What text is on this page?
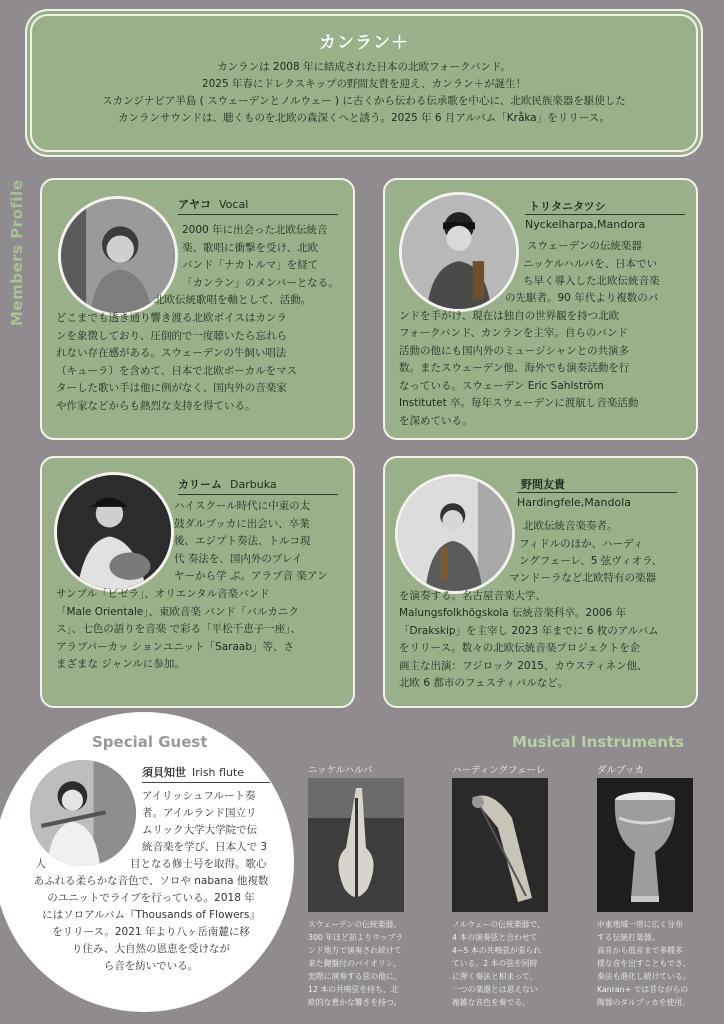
カンラン＋

カンランは 2008 年に結成された日本の北欧フォークバンド。

2025 年春にドレクスキップの野間友貴を迎え、カンラン＋が誕生！

スカンジナビア半島 ( スウェーデンとノルウェー ) に古くから伝わる伝承歌を中心に、北欧民族楽器を駆使した

カンランサウンドは、聴くものを北欧の森深くへと誘う。2025 年 6 月アルバム「Kråka」をリリース。

Members Profile	アヤコ Vocal
2000 年に出会った北欧伝統音
楽、歌唱に衝撃を受け、北欧
バンド「ナカトルマ」を経て
「カンラン」のメンバーとなる。
北欧伝統歌唱を軸として、活動。
どこまでも透き通り響き渡る北欧ボイスはカンラ
ンを象徴しており、圧倒的で一度聴いたら忘れら
れない存在感がある。スウェーデンの牛飼い唱法
（キューラ）を含めて、日本で北欧ボーカルをマス
ターした歌い手は他に例がなく、国内外の音楽家
や作家などからも熱烈な支持を得ている。
トリタニタツシ
Nyckelharpa,Mandora
スウェーデンの伝統楽器
ニッケルハルパを、日本でい
ち早く導入した北欧伝統音楽
の先駆者。90 年代より複数のバ
ンドを手がけ、現在は独自の世界観を持つ北欧
フォークバンド、カンランを主宰。自らのバンド
活動の他にも国内外のミュージシャンとの共演多
数。またスウェーデン他、海外でも演奏活動を行
なっている。スウェーデン Eric Sahlström
Institutet 卒。毎年スウェーデンに渡航し音楽活動
を深めている。
カリーム Darbuka
ハイスクール時代に中東の太
鼓ダルブッカに出会い、卒業
後、エジプト奏法、トルコ現
代 奏法を、国内外のプレイ
ヤーから学 ぶ。アラブ音 楽アン
サンブル「ビゼラ」、オリエンタル音楽バンド
「Male Orientale」、東欧音楽 バンド「バルカニク
ス」、七色の語りを音楽 で彩る「平松千恵子一座」、
アラブパーカッ ションユニット「Saraab」等、さ
まざまな ジャンルに参加。
野間友貴
Hardingfele,Mandola
北欧伝統音楽奏者。
フィドルのほか、ハーディ
ングフェーレ、5 弦ヴィオラ、
マンドーラなど北欧特有の楽器
を演奏する。名古屋音楽大学、
Malungsfolkhögskola 伝統音楽科卒。2006 年
「Drakskip」を主宰し 2023 年までに 6 枚のアルバム
をリリース。数々の北欧伝統音楽プロジェクトを企
画主な出演：フジロック 2015、カウスティネン他、
北欧 6 都市のフェスティバルなど。
Special Guest
須貝知世 Irish flute
アイリッシュフルート奏
者。アイルランド国立リ
ムリック大学大学院で伝
統音楽を学び、日本人で 3
人　　　　　　　　目となる修士号を取得。歌心
あふれる柔らかな音色で、ソロや nabana 他複数
のユニットでライブを行っている。2018 年
にはソロアルバム『Thousands of Flowers』
をリリース。2021 年より八ヶ岳南麓に移
り住み、大自然の恩恵を受けなが
ら音を紡いでいる。
Musical Instruments
ニッケルハルパ
スウェーデンの伝統楽器。
300 年ほど前よりウップラ
ンド地方で演奏され続けて
来た鍵盤付のバイオリン。
実際に演奏する弦の他に、
12 本の共鳴弦を持ち、北
欧的な豊かな響きを持つ。
ハーディングフェーレ
ノルウェーの伝統楽器で、
4 本の演奏弦と合わせて
4~5 本の共鳴弦が張られ
ている。2 本の弦を同時
に弾く奏法と相まって、
一つの楽器とは思えない
複雑な音色を奏でる。
ダルブッカ
中東地域一帯に広く分布
する伝統打楽器。
高音から低音まで多種多
様な音を出すこともでき、
奏法も進化し続けている。
Kanran+ では昔ながらの
陶器のダルブッカを使用。
